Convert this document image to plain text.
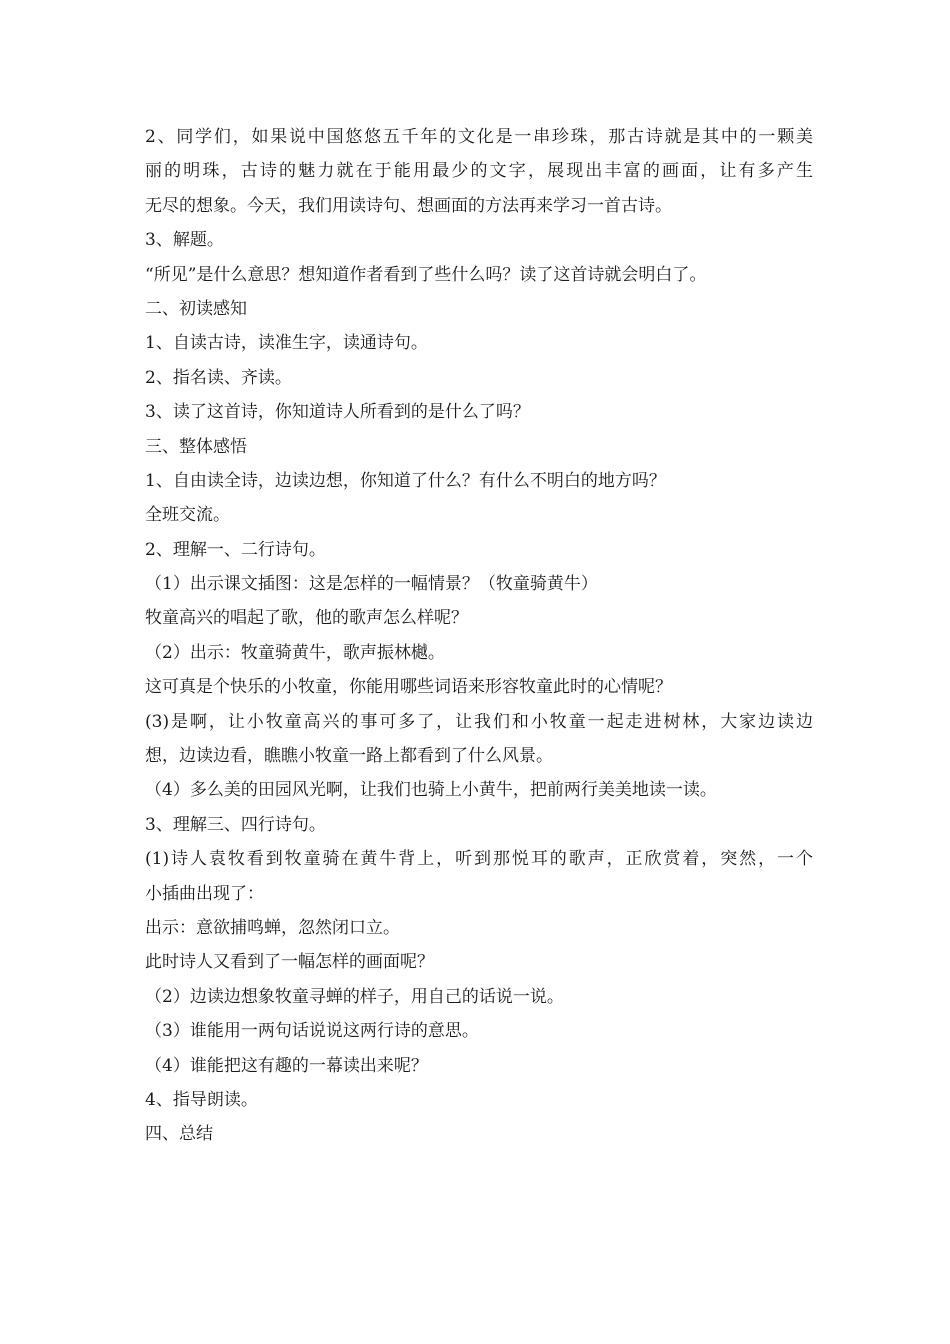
2、同学们，如果说中国悠悠五千年的文化是一串珍珠，那古诗就是其中的一颗美
丽的明珠，古诗的魅力就在于能用最少的文字，展现出丰富的画面，让有多产生
无尽的想象。今天，我们用读诗句、想画面的方法再来学习一首古诗。
3、解题。
“所见”是什么意思？想知道作者看到了些什么吗？读了这首诗就会明白了。
二、初读感知
1、自读古诗，读准生字，读通诗句。
2、指名读、齐读。
3、读了这首诗，你知道诗人所看到的是什么了吗？
三、整体感悟
1、自由读全诗，边读边想，你知道了什么？有什么不明白的地方吗？
全班交流。
2、理解一、二行诗句。
（1）出示课文插图：这是怎样的一幅情景？（牧童骑黄牛）
牧童高兴的唱起了歌，他的歌声怎么样呢？
（2）出示：牧童骑黄牛，歌声振林樾。
这可真是个快乐的小牧童，你能用哪些词语来形容牧童此时的心情呢？
(3)是啊，让小牧童高兴的事可多了，让我们和小牧童一起走进树林，大家边读边
想，边读边看，瞧瞧小牧童一路上都看到了什么风景。
（4）多么美的田园风光啊，让我们也骑上小黄牛，把前两行美美地读一读。
3、理解三、四行诗句。
(1)诗人袁牧看到牧童骑在黄牛背上，听到那悦耳的歌声，正欣赏着，突然，一个
小插曲出现了：
出示：意欲捕鸣蝉，忽然闭口立。
此时诗人又看到了一幅怎样的画面呢？
（2）边读边想象牧童寻蝉的样子，用自己的话说一说。
（3）谁能用一两句话说说这两行诗的意思。
（4）谁能把这有趣的一幕读出来呢？
4、指导朗读。
四、总结
